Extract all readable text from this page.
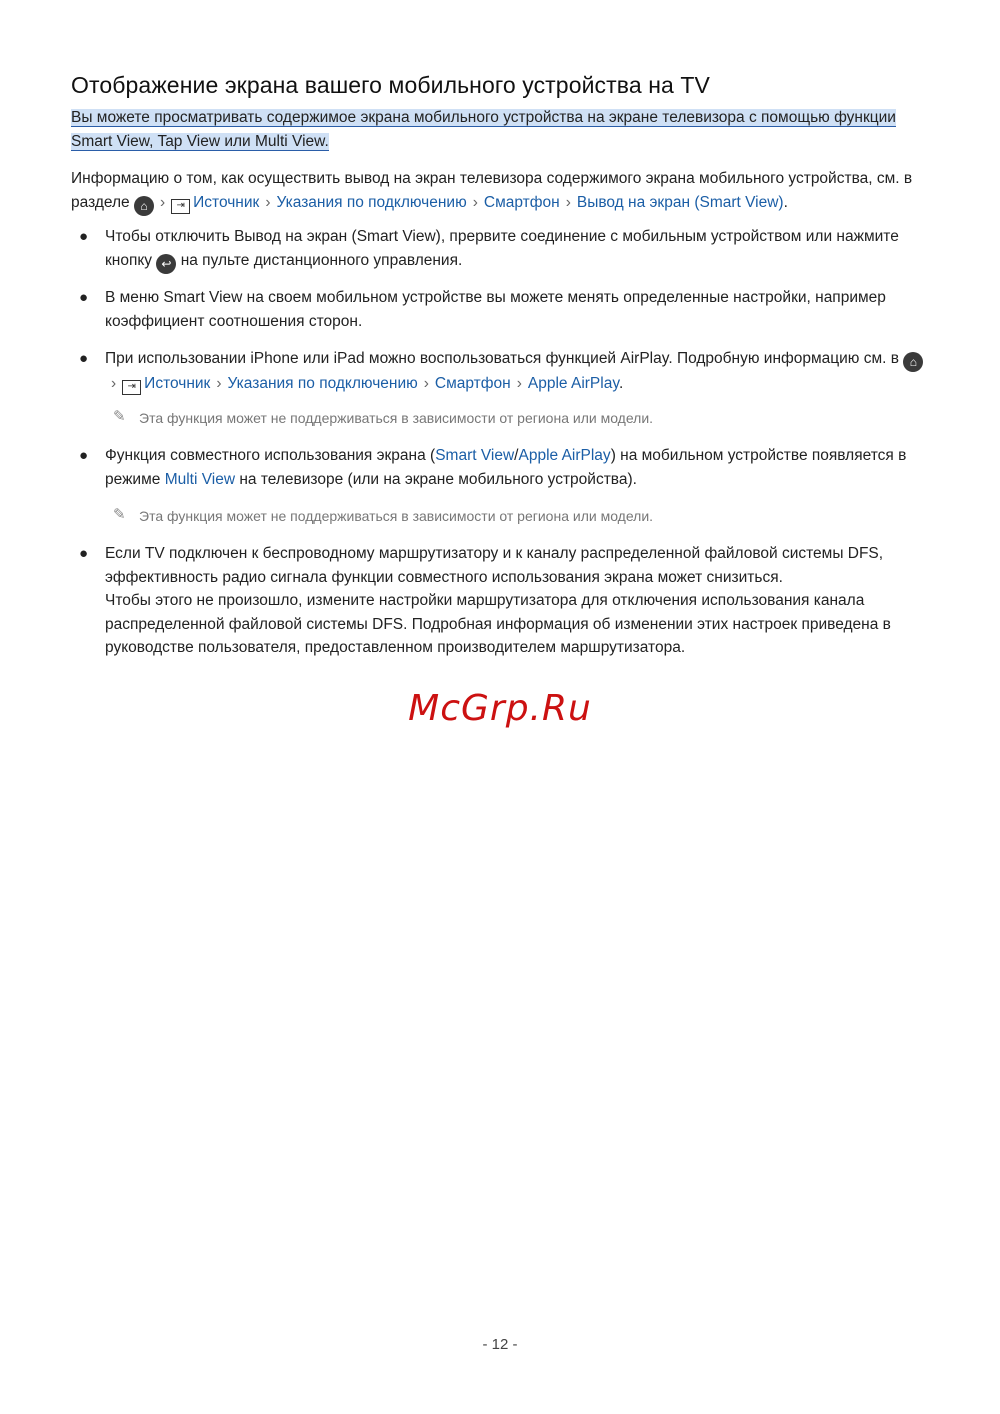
Отображение экрана вашего мобильного устройства на TV
Вы можете просматривать содержимое экрана мобильного устройства на экране телевизора с помощью функции Smart View, Tap View или Multi View.
Информацию о том, как осуществить вывод на экран телевизора содержимого экрана мобильного устройства, см. в разделе ⌂ › ⇥ Источник › Указания по подключению › Смартфон › Вывод на экран (Smart View).
● Чтобы отключить Вывод на экран (Smart View), прервите соединение с мобильным устройством или нажмите кнопку ↩ на пульте дистанционного управления.
● В меню Smart View на своем мобильном устройстве вы можете менять определенные настройки, например коэффициент соотношения сторон.
● При использовании iPhone или iPad можно воспользоваться функцией AirPlay. Подробную информацию см. в ⌂› ⇥ Источник › Указания по подключению › Смартфон › Apple AirPlay.
✎ Эта функция может не поддерживаться в зависимости от региона или модели.
● Функция совместного использования экрана (Smart View/Apple AirPlay) на мобильном устройстве появляется в режиме Multi View на телевизоре (или на экране мобильного устройства).
✎ Эта функция может не поддерживаться в зависимости от региона или модели.
● Если TV подключен к беспроводному маршрутизатору и к каналу распределенной файловой системы DFS, эффективность радио сигнала функции совместного использования экрана может снизиться.
Чтобы этого не произошло, измените настройки маршрутизатора для отключения использования канала распределенной файловой системы DFS. Подробная информация об изменении этих настроек приведена в руководстве пользователя, предоставленном производителем маршрутизатора.
McGrp.Ru
- 12 -
